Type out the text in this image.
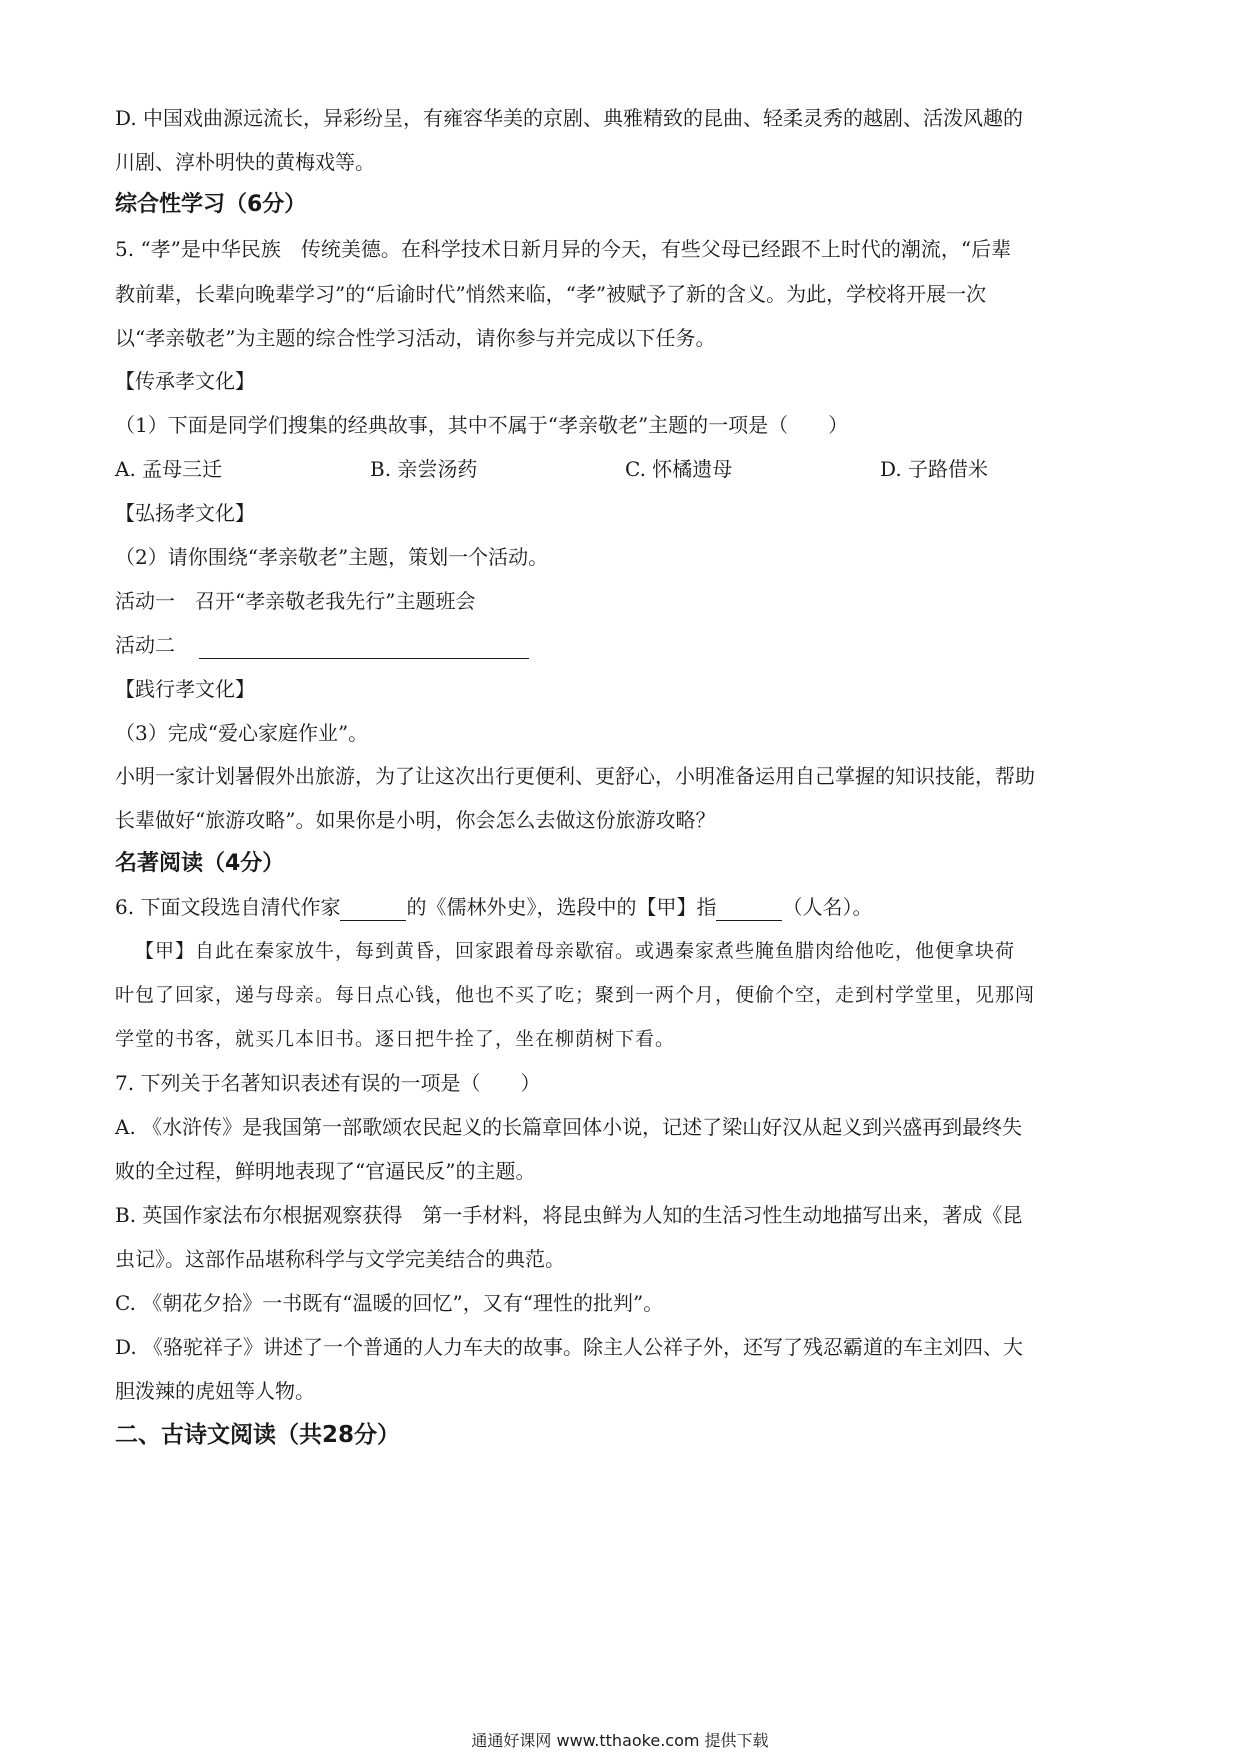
D. 中国戏曲源远流长，异彩纷呈，有雍容华美的京剧、典雅精致的昆曲、轻柔灵秀的越剧、活泼风趣的
川剧、淳朴明快的黄梅戏等。
综合性学习（6分）
5. “孝”是中华民族　传统美德。在科学技术日新月异的今天，有些父母已经跟不上时代的潮流，“后辈
教前辈，长辈向晚辈学习”的“后谕时代”悄然来临，“孝”被赋予了新的含义。为此，学校将开展一次
以“孝亲敬老”为主题的综合性学习活动，请你参与并完成以下任务。
【传承孝文化】
（1）下面是同学们搜集的经典故事，其中不属于“孝亲敬老”主题的一项是（　　）
A. 孟母三迁	B. 亲尝汤药	C. 怀橘遗母	D. 子路借米
【弘扬孝文化】
（2）请你围绕“孝亲敬老”主题，策划一个活动。
活动一　召开“孝亲敬老我先行”主题班会
活动二
【践行孝文化】
（3）完成“爱心家庭作业”。
小明一家计划暑假外出旅游，为了让这次出行更便利、更舒心，小明准备运用自己掌握的知识技能，帮助
长辈做好“旅游攻略”。如果你是小明，你会怎么去做这份旅游攻略？
名著阅读（4分）
6. 下面文段选自清代作家	的《儒林外史》，选段中的【甲】指	（人名）。
【甲】自此在秦家放牛，每到黄昏，回家跟着母亲歇宿。或遇秦家煮些腌鱼腊肉给他吃，他便拿块荷
叶包了回家，递与母亲。每日点心钱，他也不买了吃；聚到一两个月，便偷个空，走到村学堂里，见那闯
学堂的书客，就买几本旧书。逐日把牛拴了，坐在柳荫树下看。
7. 下列关于名著知识表述有误的一项是（　　）
A. 《水浒传》是我国第一部歌颂农民起义的长篇章回体小说，记述了梁山好汉从起义到兴盛再到最终失
败的全过程，鲜明地表现了“官逼民反”的主题。
B. 英国作家法布尔根据观察获得　第一手材料，将昆虫鲜为人知的生活习性生动地描写出来，著成《昆
虫记》。这部作品堪称科学与文学完美结合的典范。
C. 《朝花夕拾》一书既有“温暖的回忆”，又有“理性的批判”。
D. 《骆驼祥子》讲述了一个普通的人力车夫的故事。除主人公祥子外，还写了残忍霸道的车主刘四、大
胆泼辣的虎妞等人物。
二、古诗文阅读（共28分）
通通好课网 www.tthaoke.com 提供下载
